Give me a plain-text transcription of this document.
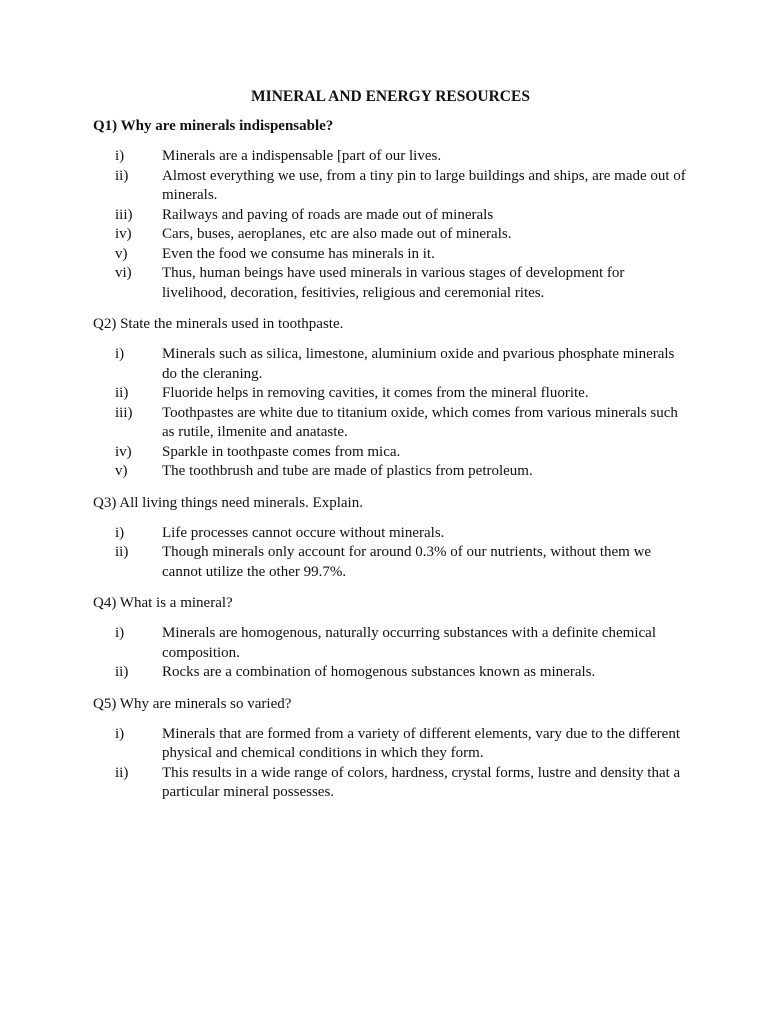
MINERAL AND ENERGY RESOURCES
Q1) Why are minerals indispensable?
i)	Minerals are a indispensable [part of our lives.
ii)	Almost everything we use, from a tiny pin to large buildings and ships, are made out of minerals.
iii)	Railways and paving of roads are made out of minerals
iv)	Cars, buses, aeroplanes, etc are also made out of minerals.
v)	Even the food we consume has minerals in it.
vi)	Thus, human beings have used minerals in various stages of development for livelihood, decoration, fesitivies, religious and ceremonial rites.
Q2) State the minerals used in toothpaste.
i)	Minerals such as silica, limestone, aluminium oxide and pvarious phosphate minerals do the cleraning.
ii)	Fluoride helps in removing cavities, it comes from the mineral fluorite.
iii)	Toothpastes are white due to titanium oxide, which comes from various minerals such as rutile, ilmenite and anataste.
iv)	Sparkle in toothpaste comes from mica.
v)	The toothbrush and tube are made of plastics from petroleum.
Q3) All living things need minerals. Explain.
i)	Life processes cannot occure without minerals.
ii)	Though minerals only account for around 0.3% of our nutrients, without them we cannot utilize the other 99.7%.
Q4) What is a mineral?
i)	Minerals are homogenous, naturally occurring substances with a definite chemical composition.
ii)	Rocks are a combination of homogenous substances known as minerals.
Q5) Why are minerals so varied?
i)	Minerals that are formed from a variety of different elements, vary due to the different physical and chemical conditions in which they form.
ii)	This results in a wide range of colors, hardness, crystal forms, lustre and density that a particular mineral possesses.
